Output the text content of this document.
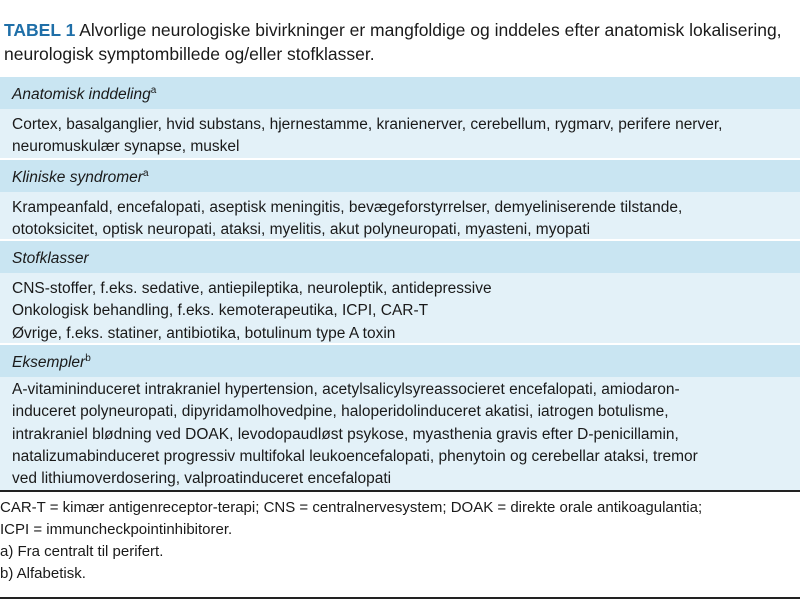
TABEL 1 Alvorlige neurologiske bivirkninger er mangfoldige og inddeles efter anatomisk lokalisering, neurologisk symptombillede og/eller stofklasser.
Anatomisk inddeling$^a$
Cortex, basalganglier, hvid substans, hjernestamme, kranienerver, cerebellum, rygmarv, perifere nerver,
neuromuskulær synapse, muskel
Kliniske syndromer$^a$
Krampeanfald, encefalopati, aseptisk meningitis, bevægeforstyrrelser, demyeliniserende tilstande,
ototoksicitet, optisk neuropati, ataksi, myelitis, akut polyneuropati, myasteni, myopati
Stofklasser
CNS-stoffer, f.eks. sedative, antiepileptika, neuroleptik, antidepressive
Onkologisk behandling, f.eks. kemoterapeutika, ICPI, CAR-T
Øvrige, f.eks. statiner, antibiotika, botulinum type A toxin
Eksempler$^b$
A-vitamininduceret intrakraniel hypertension, acetylsalicylsyreassocieret encefalopati, amiodaron-
induceret polyneuropati, dipyridamolhovedpine, haloperidolinduceret akatisi, iatrogen botulisme,
intrakraniel blødning ved DOAK, levodopaudløst psykose, myasthenia gravis efter D-penicillamin,
natalizumabinduceret progressiv multifokal leukoencefalopati, phenytoin og cerebellar ataksi, tremor
ved lithiumoverdosering, valproatinduceret encefalopati
CAR-T = kimær antigenreceptor-terapi; CNS = centralnervesystem; DOAK = direkte orale antikoagulantia;
ICPI = immuncheckpointinhibitorer.
a) Fra centralt til perifert.
b) Alfabetisk.
